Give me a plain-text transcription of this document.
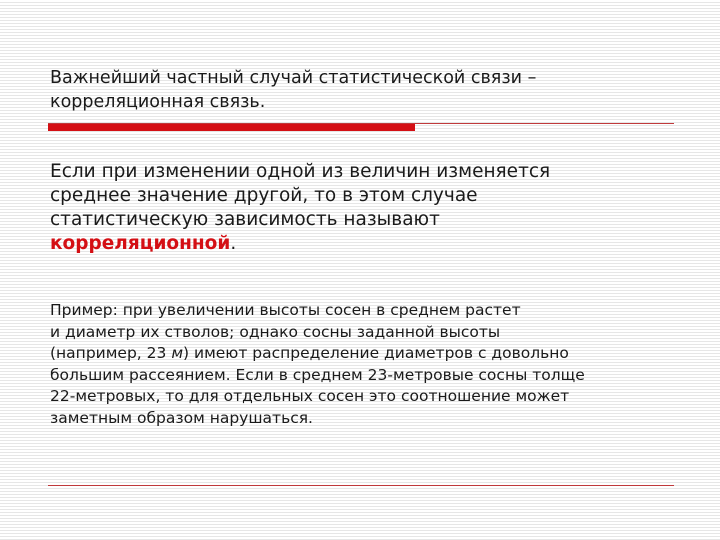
Важнейший частный случай статистической связи –
корреляционная связь.

Если при изменении одной из величин изменяется
среднее значение другой, то в этом случае
статистическую зависимость называют
корреляционной.

Пример: при увеличении высоты сосен в среднем растет
и диаметр их стволов; однако сосны заданной высоты
(например, 23 м) имеют распределение диаметров с довольно
большим рассеянием. Если в среднем 23-метровые сосны толще
22-метровых, то для отдельных сосен это соотношение может
заметным образом нарушаться.
